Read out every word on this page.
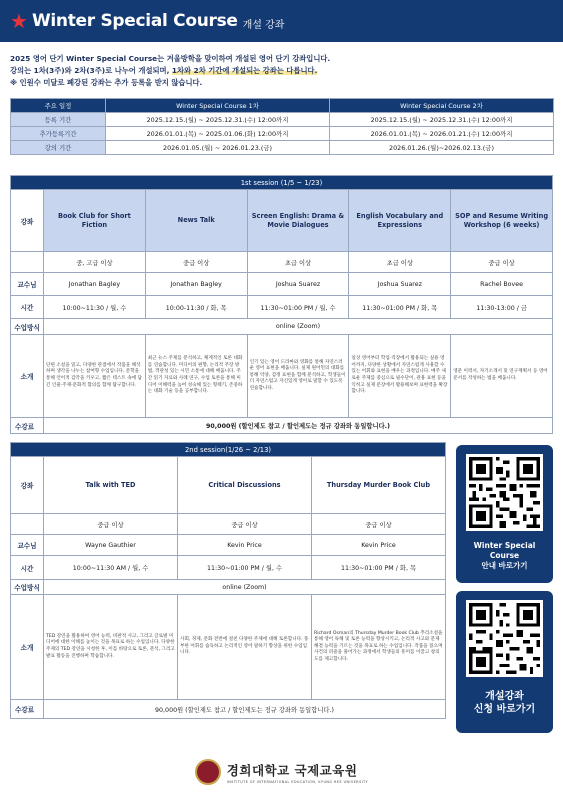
★ Winter Special Course 개설 강좌

2025 영어 단기 Winter Special Course는 겨울방학을 맞이하여 개설된 영어 단기 강좌입니다.

강의는 1차(3주)와 2차(3주)로 나누어 개설되며, 1차와 2차 기간에 개설되는 강좌는 다릅니다.

※ 인원수 미달로 폐강된 강좌는 추가 등록을 받지 않습니다.

주요 일정	Winter Special Course 1차	Winter Special Course 2차
등록 기간	2025.12.15.(월) ~ 2025.12.31.(수) 12:00까지	2025.12.15.(월) ~ 2025.12.31.(수) 12:00까지
추가등록기간	2026.01.01.(목) ~ 2025.01.06.(화) 12:00까지	2026.01.01.(목) ~ 2026.01.21.(수) 12:00까지
강의 기간	2026.01.05.(월) ~ 2026.01.23.(금)	2026.01.26.(월)~2026.02.13.(금)
1st session (1/5 ~ 1/23)					
강좌	Book Club for Short Fiction	News Talk	Screen English: Drama & Movie Dialogues	English Vocabulary and Expressions	SOP and Resume Writing Workshop (6 weeks)
	중, 고급 이상	중급 이상	초급 이상	초급 이상	중급 이상
교수님	Jonathan Bagley	Jonathan Bagley	Joshua Suarez	Joshua Suarez	Rachel Bovee
시간	10:00~11:30 / 월, 수	10:00-11:30 / 화, 목	11:30~01:00 PM / 월, 수	11:30~01:00 PM / 화, 목	11:30-13:00 / 금
수업방식	online (Zoom)				
소개	단편 소설을 읽고, 다양한 관점에서 작품을 해석하며 생각을 나누는 참여형 수업입니다. 문학을 통해 언어적 감각을 키우고, 짧은 텍스트 속에 담긴 인물·주제·문화적 함의를 함께 탐구합니다.	최근 뉴스 주제를 분석하고, 체계적인 토론 대화를 연습합니다. 미디어의 편향, 논리적 주장 방법, 객관성 있는 시민 소통에 대해 배웁니다. 주간 읽기 자료와 사례 연구, 수업 토론을 통해 미디어 이해력을 높여 성숙해 있는 형태기, 존중하는 대화 기술 등을 공부합니다.	인기 있는 영어 드라마와 영화를 통해 자연스러운 영어 표현을 배웁니다. 실제 원어민의 대화를 통해 억양, 감정 표현을 함께 분석하고, 학생들이 더 자연스럽고 자신있게 영어로 말할 수 있도록 연습합니다.	일상 영어부터 학업·직장에서 활용되는 실용 영어까지, 다양한 상황에서 자연스럽게 사용할 수 있는 어휘와 표현을 배우는 과정입니다. 매주 새로운 주제를 중심으로 필수단어, 관용 표현 등을 익히고 실제 문장에서 활용해보며 표현력을 확장합니다.	영문 이력서, 자기소개서 및 연구계획서 등 영어 문서를 작성하는 법을 배웁니다.
수강료	90,000원 (할인제도 참고 / 할인제도는 정규 강좌와 동일합니다.)				
2nd session(1/26 ~ 2/13)			
강좌	Talk with TED	Critical Discussions	Thursday Murder Book Club
	중급 이상	중급 이상	중급 이상
교수님	Wayne Gauthier	Kevin Price	Kevin Price
시간	10:00~11:30 AM / 월, 수	11:30~01:00 PM / 월, 수	11:30~01:00 PM / 화, 목
수업방식	online (Zoom)		
소개	TED 강연을 활용하여 영어 능력, 비판적 사고, 그리고 글로벌 미디어에 대한 이해를 높이는 것을 목표로 하는 수업입니다. 다양한 주제의 TED 강연을 시청한 후, 이를 바탕으로 토론, 분석, 그리고 발표 활동을 진행하며 학습합니다.	사회, 경제, 문화 전반에 걸친 다양한 주제에 대해 토론합니다. 풍부한 어휘를 습득하고 논리적인 영어 말하기 향상을 위한 수업입니다.	Richard Osman의 Thursday Murder Book Club 추리소설을 통해 영어 독해 및 토론 능력을 향상시키고, 논리적 사고와 문제 해결 능력을 기르는 것을 목표로 하는 수업입니다. 작품을 읽으며 사건의 퍼즐을 풀어가는 과정에서 학생들의 흥미를 이끌고 창의도를 제고합니다.
수강료	90,000원 (할인제도 참고 / 할인제도는 정규 강좌와 동일합니다.)		
Winter Special
Course
안내 바로가기
개설강좌
신청 바로가기
경희대학교 국제교육원
INSTITUTE OF INTERNATIONAL EDUCATION, KYUNG HEE UNIVERSITY
